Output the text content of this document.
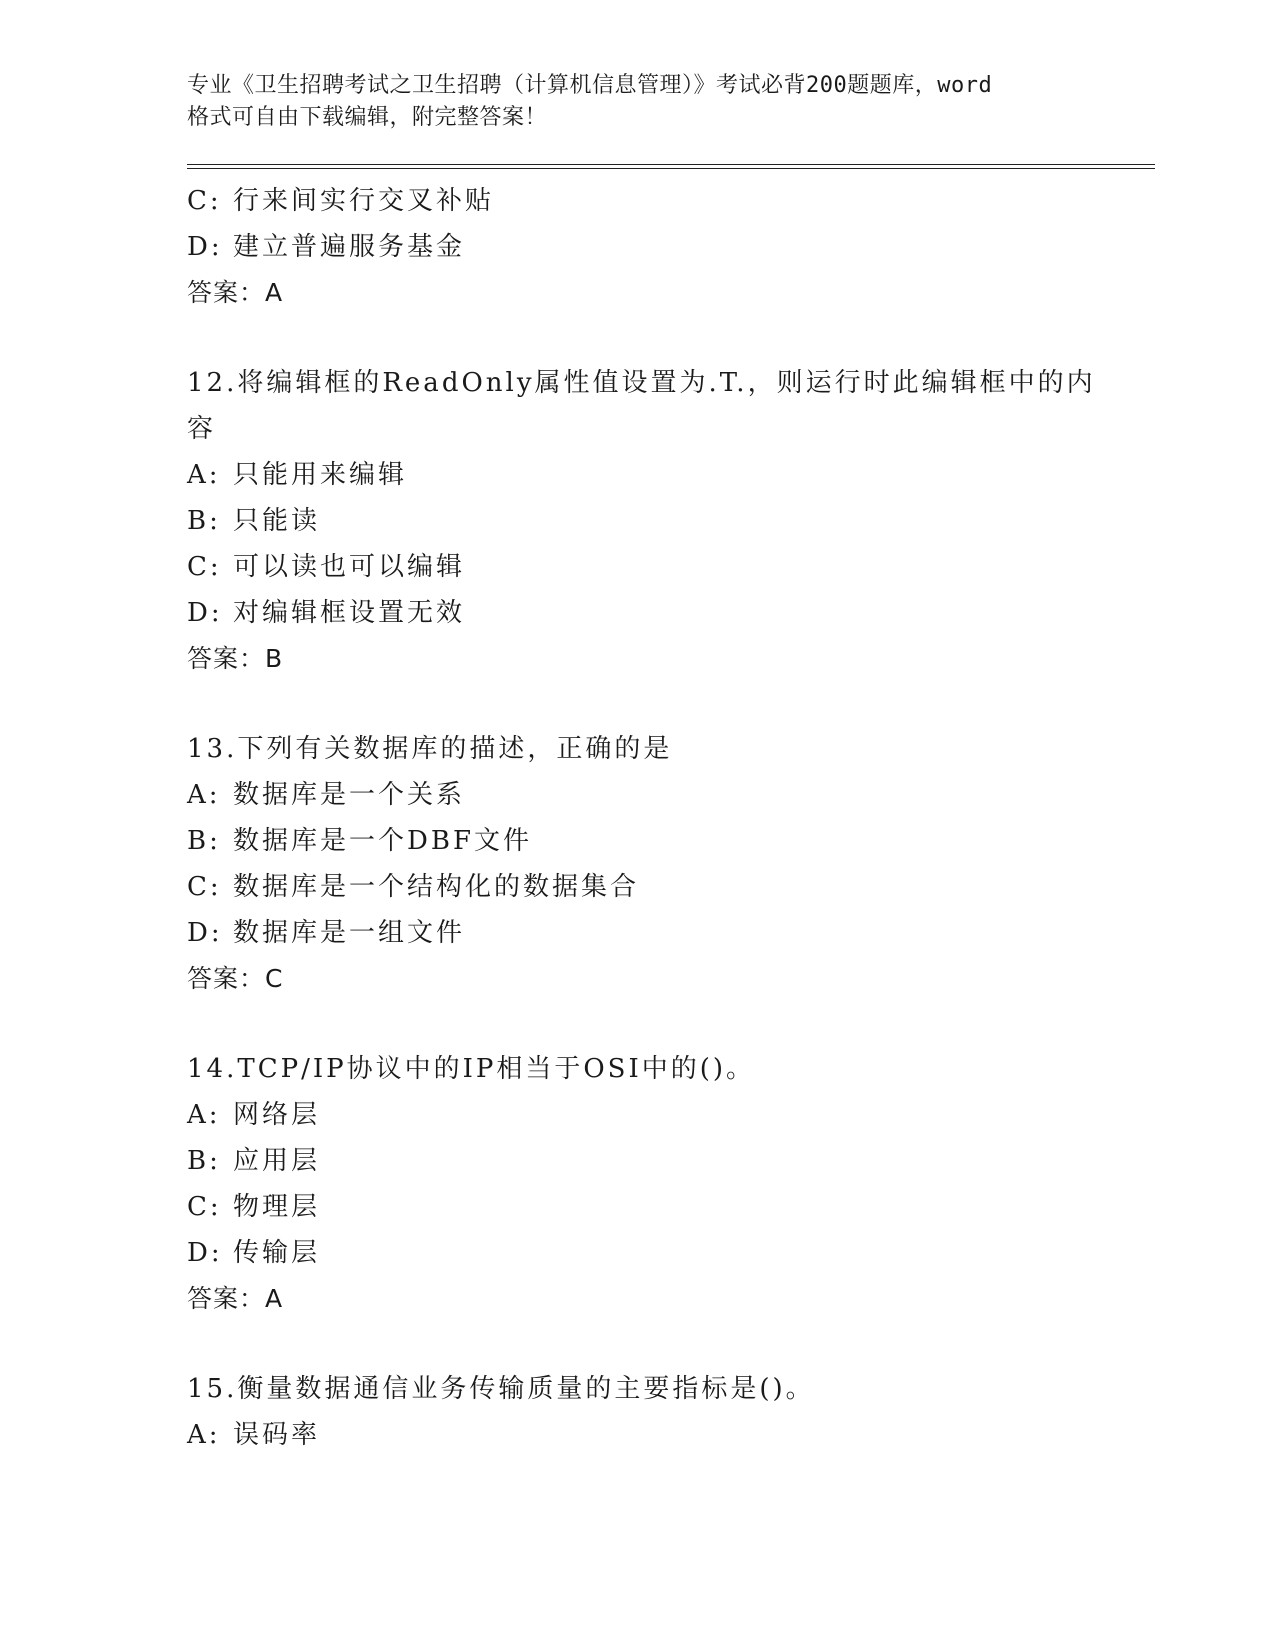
专业《卫生招聘考试之卫生招聘（计算机信息管理）》考试必背200题题库，word
格式可自由下载编辑，附完整答案！
C: 行来间实行交叉补贴
D: 建立普遍服务基金
答案：A
12.将编辑框的ReadOnly属性值设置为.T.，则运行时此编辑框中的内
容
A: 只能用来编辑
B: 只能读
C: 可以读也可以编辑
D: 对编辑框设置无效
答案：B
13.下列有关数据库的描述，正确的是
A: 数据库是一个关系
B: 数据库是一个DBF文件
C: 数据库是一个结构化的数据集合
D: 数据库是一组文件
答案：C
14.TCP/IP协议中的IP相当于OSI中的()。
A: 网络层
B: 应用层
C: 物理层
D: 传输层
答案：A
15.衡量数据通信业务传输质量的主要指标是()。
A: 误码率
